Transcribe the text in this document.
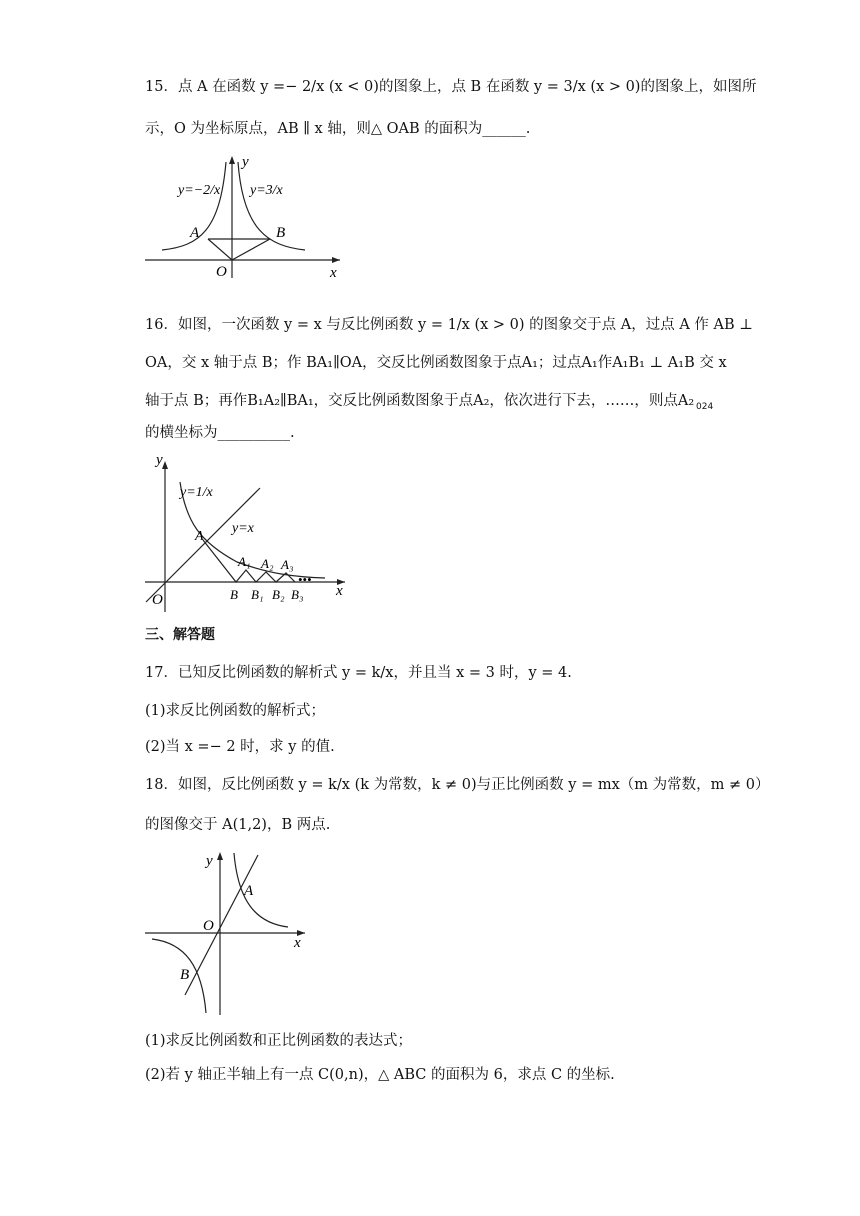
15．点 A 在函数 y =− 2/x (x < 0)的图象上，点 B 在函数 y = 3/x (x > 0)的图象上，如图所
示，O 为坐标原点，AB ∥ x 轴，则△ OAB 的面积为______.
y
x
O
y=−2/x y=3/x
A	B
16．如图，一次函数 y = x 与反比例函数 y = 1/x (x > 0) 的图象交于点 A，过点 A 作 AB ⊥
OA，交 x 轴于点 B；作 BA₁∥OA，交反比例函数图象于点A₁；过点A₁作A₁B₁ ⊥ A₁B 交 x
轴于点 B；再作B₁A₂∥BA₁，交反比例函数图象于点A₂，依次进行下去，……，则点A₂ 024
的横坐标为__________.
y
x
O
y=1/x
y=x
A
A₁ A₂ A₃
•••
B B₁ B₂ B₃
三、解答题
17．已知反比例函数的解析式 y = k/x，并且当 x = 3 时，y = 4.
(1)求反比例函数的解析式；
(2)当 x =− 2 时，求 y 的值.
18．如图，反比例函数 y = k/x (k 为常数，k ≠ 0)与正比例函数 y = mx（m 为常数，m ≠ 0）
的图像交于 A(1,2)，B 两点.
y
x
O
A
B
(1)求反比例函数和正比例函数的表达式；
(2)若 y 轴正半轴上有一点 C(0,n)，△ ABC 的面积为 6，求点 C 的坐标.
